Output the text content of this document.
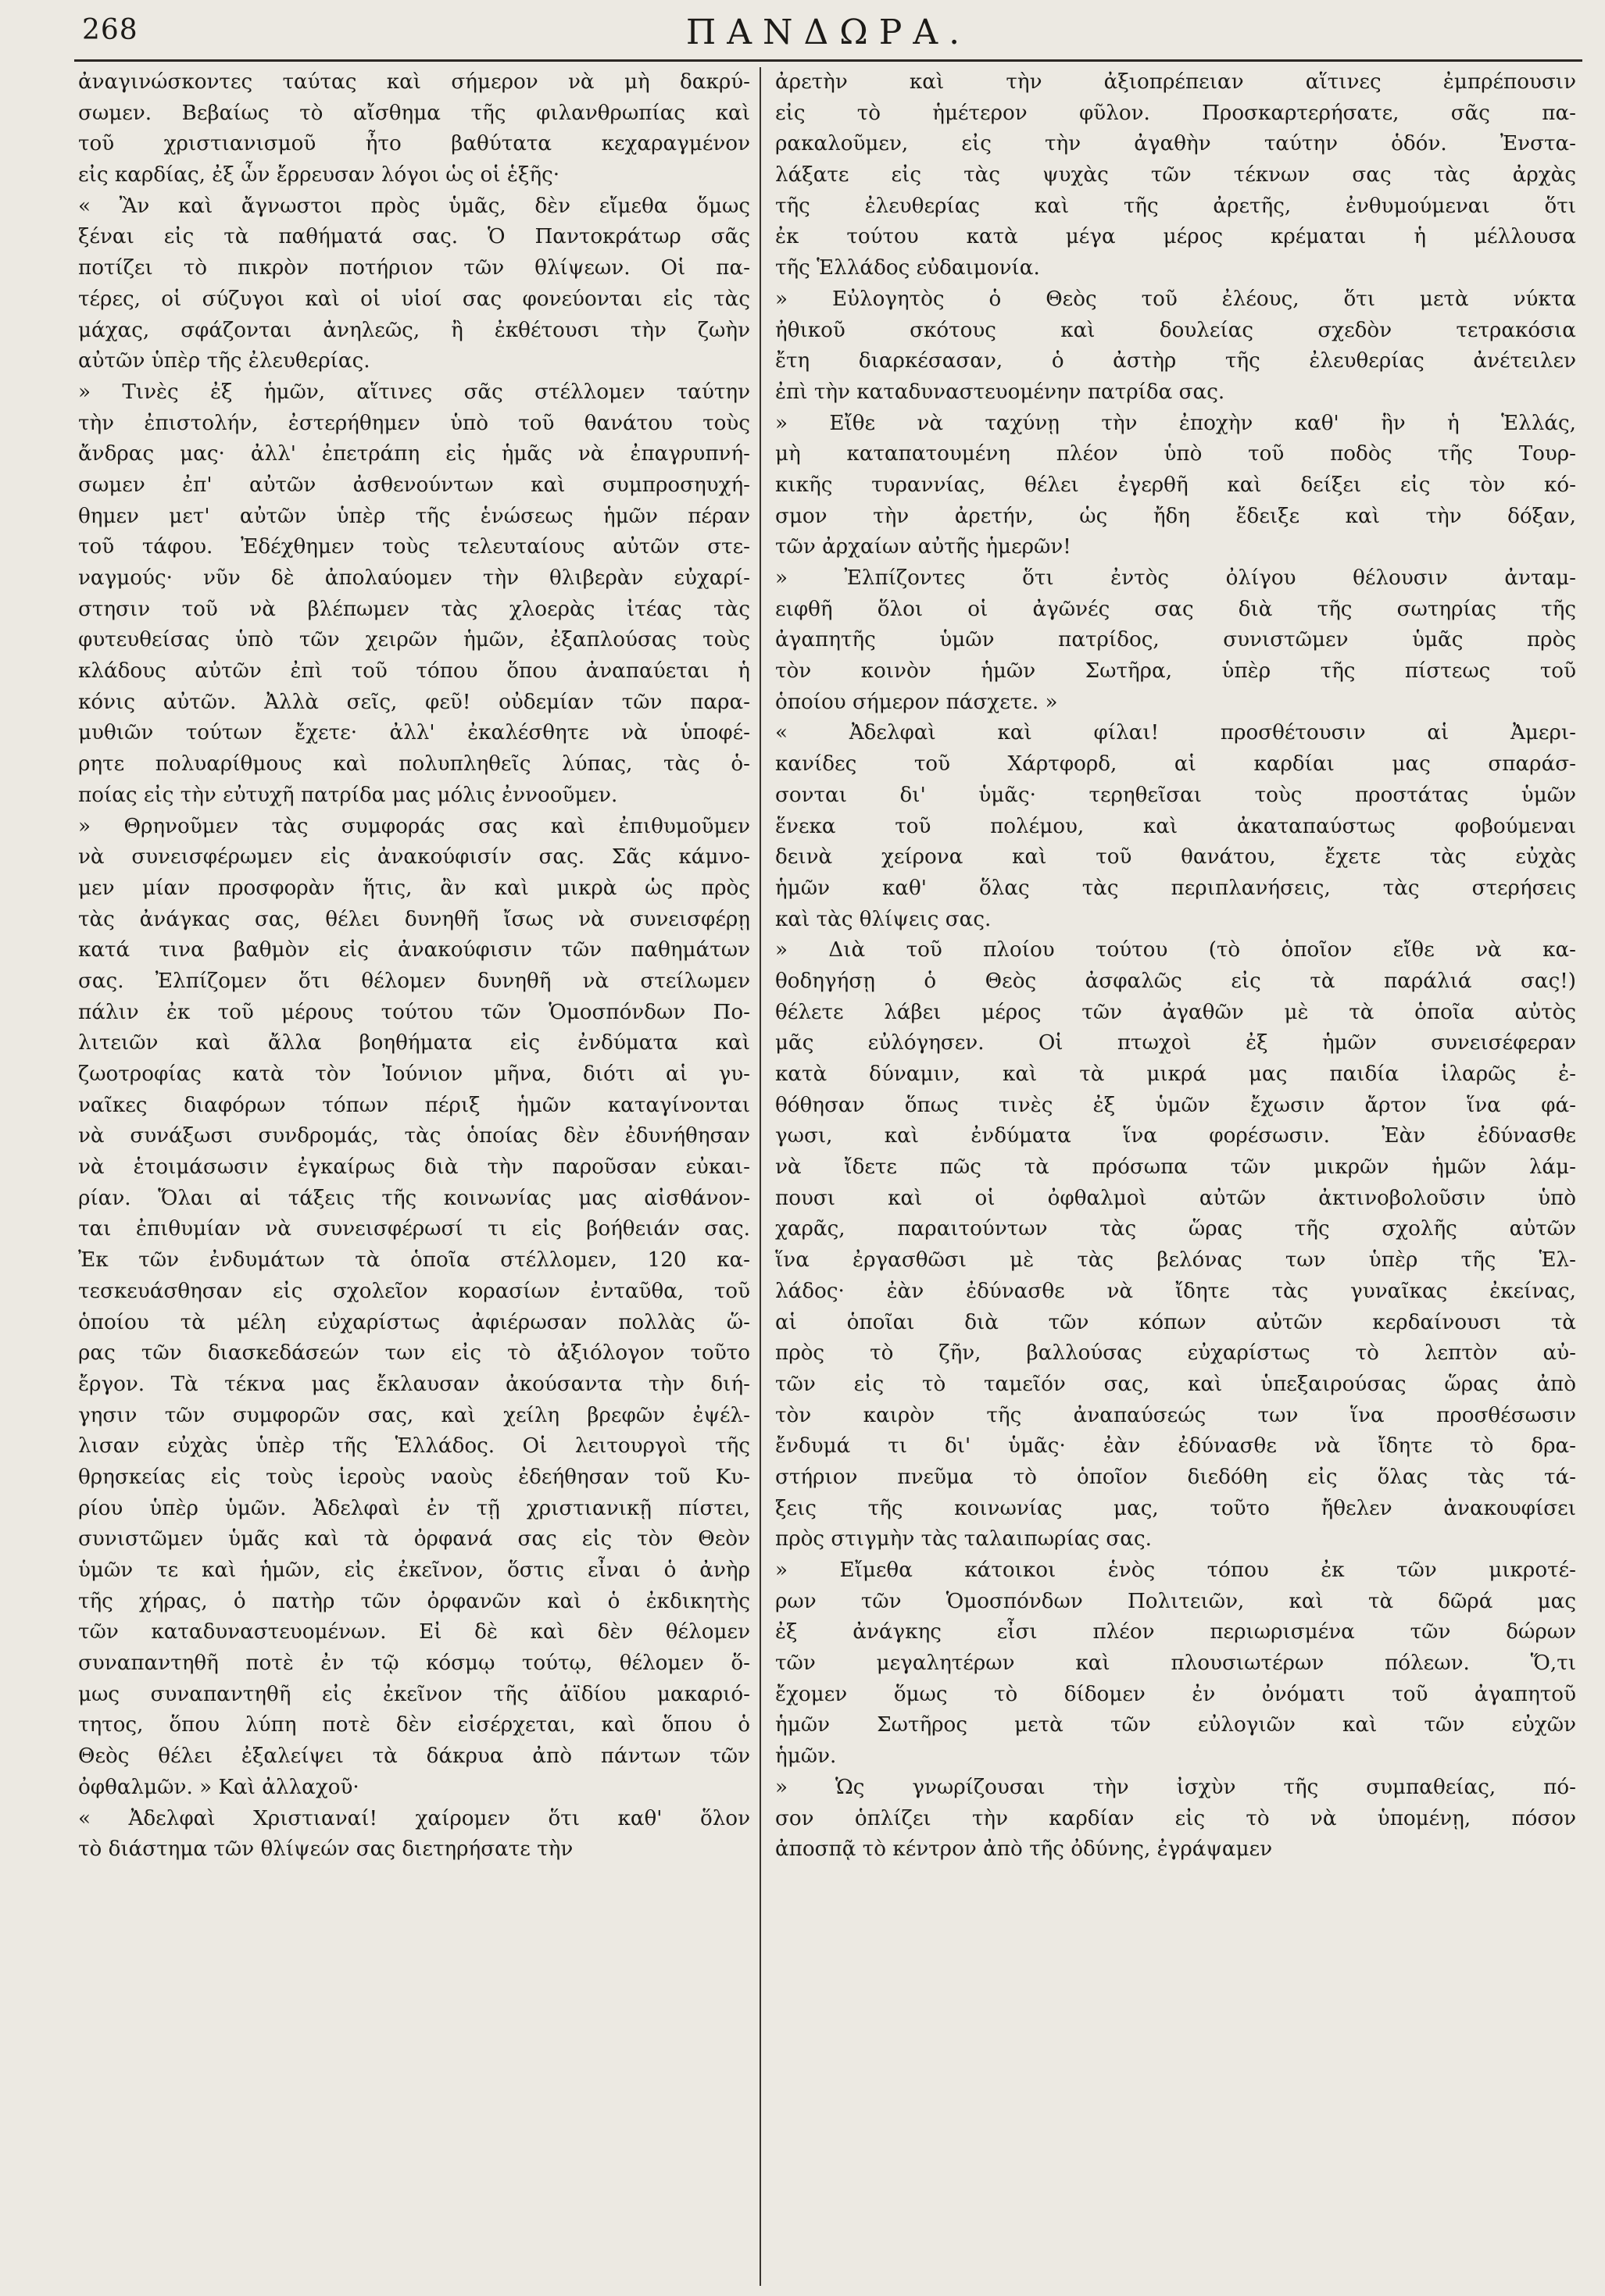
268	ΠΑΝΔΩΡΑ.
ἀναγινώσκοντες ταύτας καὶ σήμερον νὰ μὴ δακρύ-
σωμεν. Βεβαίως τὸ αἴσθημα τῆς φιλανθρωπίας καὶ
τοῦ χριστιανισμοῦ ἦτο βαθύτατα κεχαραγμένον
εἰς καρδίας, ἐξ ὧν ἔρρευσαν λόγοι ὡς οἱ ἑξῆς·
« Ἂν καὶ ἄγνωστοι πρὸς ὑμᾶς, δὲν εἴμεθα ὅμως
ξέναι εἰς τὰ παθήματά σας. Ὁ Παντοκράτωρ σᾶς
ποτίζει τὸ πικρὸν ποτήριον τῶν θλίψεων. Οἱ πα-
τέρες, οἱ σύζυγοι καὶ οἱ υἱοί σας φονεύονται εἰς τὰς
μάχας, σφάζονται ἀνηλεῶς, ἢ ἐκθέτουσι τὴν ζωὴν
αὐτῶν ὑπὲρ τῆς ἐλευθερίας.
» Τινὲς ἐξ ἡμῶν, αἵτινες σᾶς στέλλομεν ταύτην
τὴν ἐπιστολήν, ἐστερήθημεν ὑπὸ τοῦ θανάτου τοὺς
ἄνδρας μας· ἀλλ' ἐπετράπη εἰς ἡμᾶς νὰ ἐπαγρυπνή-
σωμεν ἐπ' αὐτῶν ἀσθενούντων καὶ συμπροσηυχή-
θημεν μετ' αὐτῶν ὑπὲρ τῆς ἑνώσεως ἡμῶν πέραν
τοῦ τάφου. Ἐδέχθημεν τοὺς τελευταίους αὐτῶν στε-
ναγμούς· νῦν δὲ ἀπολαύομεν τὴν θλιβερὰν εὐχαρί-
στησιν τοῦ νὰ βλέπωμεν τὰς χλοερὰς ἰτέας τὰς
φυτευθείσας ὑπὸ τῶν χειρῶν ἡμῶν, ἐξαπλούσας τοὺς
κλάδους αὐτῶν ἐπὶ τοῦ τόπου ὅπου ἀναπαύεται ἡ
κόνις αὐτῶν. Ἀλλὰ σεῖς, φεῦ! οὐδεμίαν τῶν παρα-
μυθιῶν τούτων ἔχετε· ἀλλ' ἐκαλέσθητε νὰ ὑποφέ-
ρητε πολυαρίθμους καὶ πολυπληθεῖς λύπας, τὰς ὁ-
ποίας εἰς τὴν εὐτυχῆ πατρίδα μας μόλις ἐννοοῦμεν.
» Θρηνοῦμεν τὰς συμφοράς σας καὶ ἐπιθυμοῦμεν
νὰ συνεισφέρωμεν εἰς ἀνακούφισίν σας. Σᾶς κάμνο-
μεν μίαν προσφορὰν ἥτις, ἂν καὶ μικρὰ ὡς πρὸς
τὰς ἀνάγκας σας, θέλει δυνηθῆ ἴσως νὰ συνεισφέρῃ
κατά τινα βαθμὸν εἰς ἀνακούφισιν τῶν παθημάτων
σας. Ἐλπίζομεν ὅτι θέλομεν δυνηθῆ νὰ στείλωμεν
πάλιν ἐκ τοῦ μέρους τούτου τῶν Ὁμοσπόνδων Πο-
λιτειῶν καὶ ἄλλα βοηθήματα εἰς ἐνδύματα καὶ
ζωοτροφίας κατὰ τὸν Ἰούνιον μῆνα, διότι αἱ γυ-
ναῖκες διαφόρων τόπων πέριξ ἡμῶν καταγίνονται
νὰ συνάξωσι συνδρομάς, τὰς ὁποίας δὲν ἐδυνήθησαν
νὰ ἑτοιμάσωσιν ἐγκαίρως διὰ τὴν παροῦσαν εὐκαι-
ρίαν. Ὅλαι αἱ τάξεις τῆς κοινωνίας μας αἰσθάνον-
ται ἐπιθυμίαν νὰ συνεισφέρωσί τι εἰς βοήθειάν σας.
Ἐκ τῶν ἐνδυμάτων τὰ ὁποῖα στέλλομεν, 120 κα-
τεσκευάσθησαν εἰς σχολεῖον κορασίων ἐνταῦθα, τοῦ
ὁποίου τὰ μέλη εὐχαρίστως ἀφιέρωσαν πολλὰς ὥ-
ρας τῶν διασκεδάσεών των εἰς τὸ ἀξιόλογον τοῦτο
ἔργον. Τὰ τέκνα μας ἔκλαυσαν ἀκούσαντα τὴν διή-
γησιν τῶν συμφορῶν σας, καὶ χείλη βρεφῶν ἐψέλ-
λισαν εὐχὰς ὑπὲρ τῆς Ἑλλάδος. Οἱ λειτουργοὶ τῆς
θρησκείας εἰς τοὺς ἱεροὺς ναοὺς ἐδεήθησαν τοῦ Κυ-
ρίου ὑπὲρ ὑμῶν. Ἀδελφαὶ ἐν τῇ χριστιανικῇ πίστει,
συνιστῶμεν ὑμᾶς καὶ τὰ ὀρφανά σας εἰς τὸν Θεὸν
ὑμῶν τε καὶ ἡμῶν, εἰς ἐκεῖνον, ὅστις εἶναι ὁ ἀνὴρ
τῆς χήρας, ὁ πατὴρ τῶν ὀρφανῶν καὶ ὁ ἐκδικητὴς
τῶν καταδυναστευομένων. Εἰ δὲ καὶ δὲν θέλομεν
συναπαντηθῆ ποτὲ ἐν τῷ κόσμῳ τούτῳ, θέλομεν ὅ-
μως συναπαντηθῆ εἰς ἐκεῖνον τῆς ἀϊδίου μακαριό-
τητος, ὅπου λύπη ποτὲ δὲν εἰσέρχεται, καὶ ὅπου ὁ
Θεὸς θέλει ἐξαλείψει τὰ δάκρυα ἀπὸ πάντων τῶν
ὀφθαλμῶν. » Καὶ ἀλλαχοῦ·
« Ἀδελφαὶ Χριστιαναί! χαίρομεν ὅτι καθ' ὅλον
τὸ διάστημα τῶν θλίψεών σας διετηρήσατε τὴν
ἀρετὴν καὶ τὴν ἀξιοπρέπειαν αἵτινες ἐμπρέπουσιν
εἰς τὸ ἡμέτερον φῦλον. Προσκαρτερήσατε, σᾶς πα-
ρακαλοῦμεν, εἰς τὴν ἀγαθὴν ταύτην ὁδόν. Ἐνστα-
λάξατε εἰς τὰς ψυχὰς τῶν τέκνων σας τὰς ἀρχὰς
τῆς ἐλευθερίας καὶ τῆς ἀρετῆς, ἐνθυμούμεναι ὅτι
ἐκ τούτου κατὰ μέγα μέρος κρέμαται ἡ μέλλουσα
τῆς Ἑλλάδος εὐδαιμονία.
» Εὐλογητὸς ὁ Θεὸς τοῦ ἐλέους, ὅτι μετὰ νύκτα
ἠθικοῦ σκότους καὶ δουλείας σχεδὸν τετρακόσια
ἔτη διαρκέσασαν, ὁ ἀστὴρ τῆς ἐλευθερίας ἀνέτειλεν
ἐπὶ τὴν καταδυναστευομένην πατρίδα σας.
» Εἴθε νὰ ταχύνῃ τὴν ἐποχὴν καθ' ἣν ἡ Ἑλλάς,
μὴ καταπατουμένη πλέον ὑπὸ τοῦ ποδὸς τῆς Τουρ-
κικῆς τυραννίας, θέλει ἐγερθῆ καὶ δείξει εἰς τὸν κό-
σμον τὴν ἀρετήν, ὡς ἤδη ἔδειξε καὶ τὴν δόξαν,
τῶν ἀρχαίων αὐτῆς ἡμερῶν!
» Ἐλπίζοντες ὅτι ἐντὸς ὀλίγου θέλουσιν ἀνταμ-
ειφθῆ ὅλοι οἱ ἀγῶνές σας διὰ τῆς σωτηρίας τῆς
ἀγαπητῆς ὑμῶν πατρίδος, συνιστῶμεν ὑμᾶς πρὸς
τὸν κοινὸν ἡμῶν Σωτῆρα, ὑπὲρ τῆς πίστεως τοῦ
ὁποίου σήμερον πάσχετε. »
« Ἀδελφαὶ καὶ φίλαι! προσθέτουσιν αἱ Ἀμερι-
κανίδες τοῦ Χάρτφορδ, αἱ καρδίαι μας σπαράσ-
σονται δι' ὑμᾶς· τερηθεῖσαι τοὺς προστάτας ὑμῶν
ἕνεκα τοῦ πολέμου, καὶ ἀκαταπαύστως φοβούμεναι
δεινὰ χείρονα καὶ τοῦ θανάτου, ἔχετε τὰς εὐχὰς
ἡμῶν καθ' ὅλας τὰς περιπλανήσεις, τὰς στερήσεις
καὶ τὰς θλίψεις σας.
» Διὰ τοῦ πλοίου τούτου (τὸ ὁποῖον εἴθε νὰ κα-
θοδηγήσῃ ὁ Θεὸς ἀσφαλῶς εἰς τὰ παράλιά σας!)
θέλετε λάβει μέρος τῶν ἀγαθῶν μὲ τὰ ὁποῖα αὐτὸς
μᾶς εὐλόγησεν. Οἱ πτωχοὶ ἐξ ἡμῶν συνεισέφεραν
κατὰ δύναμιν, καὶ τὰ μικρά μας παιδία ἱλαρῶς ἐ-
θόθησαν ὅπως τινὲς ἐξ ὑμῶν ἔχωσιν ἄρτον ἵνα φά-
γωσι, καὶ ἐνδύματα ἵνα φορέσωσιν. Ἐὰν ἐδύνασθε
νὰ ἴδετε πῶς τὰ πρόσωπα τῶν μικρῶν ἡμῶν λάμ-
πουσι καὶ οἱ ὀφθαλμοὶ αὐτῶν ἀκτινοβολοῦσιν ὑπὸ
χαρᾶς, παραιτούντων τὰς ὥρας τῆς σχολῆς αὐτῶν
ἵνα ἐργασθῶσι μὲ τὰς βελόνας των ὑπὲρ τῆς Ἑλ-
λάδος· ἐὰν ἐδύνασθε νὰ ἴδητε τὰς γυναῖκας ἐκείνας,
αἱ ὁποῖαι διὰ τῶν κόπων αὐτῶν κερδαίνουσι τὰ
πρὸς τὸ ζῆν, βαλλούσας εὐχαρίστως τὸ λεπτὸν αὐ-
τῶν εἰς τὸ ταμεῖόν σας, καὶ ὑπεξαιρούσας ὥρας ἀπὸ
τὸν καιρὸν τῆς ἀναπαύσεώς των ἵνα προσθέσωσιν
ἔνδυμά τι δι' ὑμᾶς· ἐὰν ἐδύνασθε νὰ ἴδητε τὸ δρα-
στήριον πνεῦμα τὸ ὁποῖον διεδόθη εἰς ὅλας τὰς τά-
ξεις τῆς κοινωνίας μας, τοῦτο ἤθελεν ἀνακουφίσει
πρὸς στιγμὴν τὰς ταλαιπωρίας σας.
» Εἴμεθα κάτοικοι ἑνὸς τόπου ἐκ τῶν μικροτέ-
ρων τῶν Ὁμοσπόνδων Πολιτειῶν, καὶ τὰ δῶρά μας
ἐξ ἀνάγκης εἶσι πλέον περιωρισμένα τῶν δώρων
τῶν μεγαλητέρων καὶ πλουσιωτέρων πόλεων. Ὅ,τι
ἔχομεν ὅμως τὸ δίδομεν ἐν ὀνόματι τοῦ ἀγαπητοῦ
ἡμῶν Σωτῆρος μετὰ τῶν εὐλογιῶν καὶ τῶν εὐχῶν
ἡμῶν.
» Ὡς γνωρίζουσαι τὴν ἰσχὺν τῆς συμπαθείας, πό-
σον ὁπλίζει τὴν καρδίαν εἰς τὸ νὰ ὑπομένῃ, πόσον
ἀποσπᾷ τὸ κέντρον ἀπὸ τῆς ὀδύνης, ἐγράψαμεν
